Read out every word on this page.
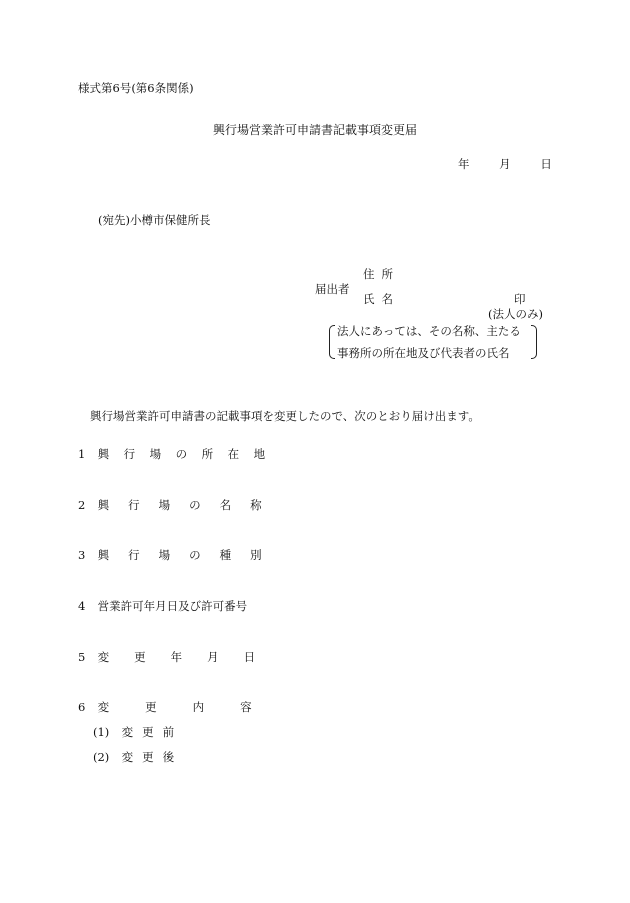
様式第6号(第6条関係)
興行場営業許可申請書記載事項変更届
年	月	日
(宛先)小樽市保健所長
届出者
住所
氏名	印
(法人のみ)
法人にあっては、その名称、主たる
事務所の所在地及び代表者の氏名
興行場営業許可申請書の記載事項を変更したので、次のとおり届け出ます。
1 興行場の所在地
2 興行場の名称
3 興行場の種別
4 営業許可年月日及び許可番号
5 変更年月日
6 変更内容
(1) 変更前
(2) 変更後
